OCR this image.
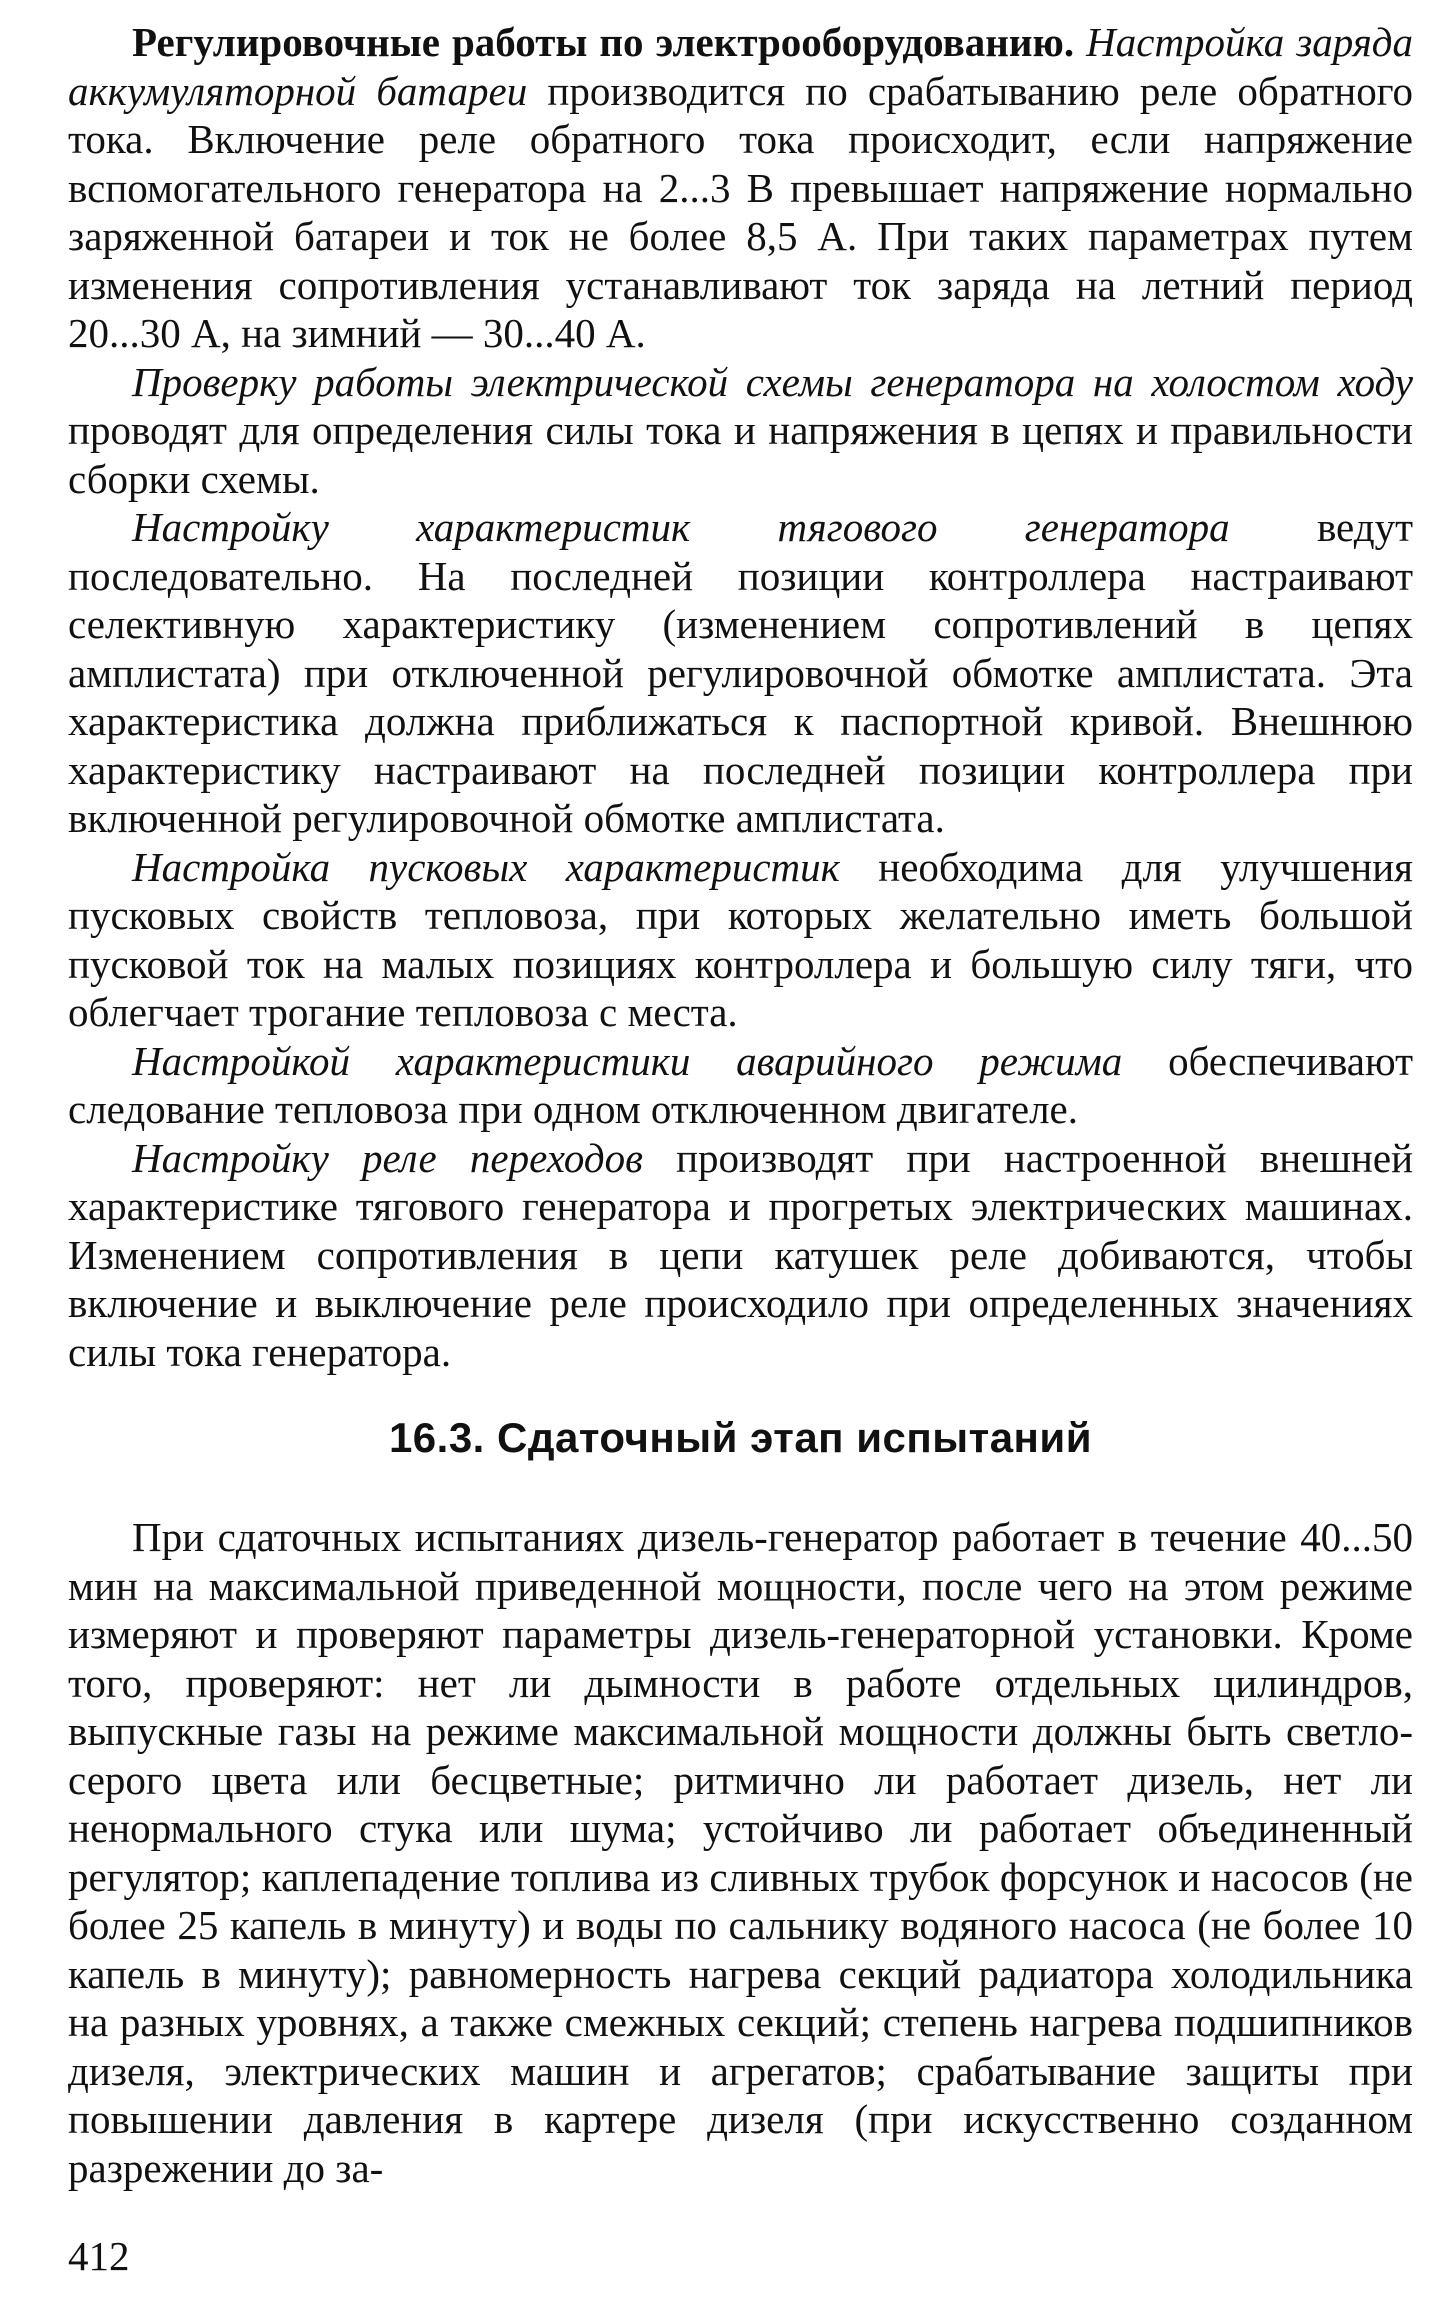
Регулировочные работы по электрооборудованию. Настройка заряда аккумуляторной батареи производится по срабатыванию реле обратного тока. Включение реле обратного тока происходит, если напряжение вспомогательного генератора на 2...3 В превышает напряжение нормально заряженной батареи и ток не более 8,5 А. При таких параметрах путем изменения сопротивления устанавливают ток заряда на летний период 20...30 А, на зимний — 30...40 А.

Проверку работы электрической схемы генератора на холостом ходу проводят для определения силы тока и напряжения в цепях и правильности сборки схемы.

Настройку характеристик тягового генератора ведут последовательно. На последней позиции контроллера настраивают селективную характеристику (изменением сопротивлений в цепях амплистата) при отключенной регулировочной обмотке амплистата. Эта характеристика должна приближаться к паспортной кривой. Внешнюю характеристику настраивают на последней позиции контроллера при включенной регулировочной обмотке амплистата.

Настройка пусковых характеристик необходима для улучшения пусковых свойств тепловоза, при которых желательно иметь большой пусковой ток на малых позициях контроллера и большую силу тяги, что облегчает трогание тепловоза с места.

Настройкой характеристики аварийного режима обеспечивают следование тепловоза при одном отключенном двигателе.

Настройку реле переходов производят при настроенной внешней характеристике тягового генератора и прогретых электрических машинах. Изменением сопротивления в цепи катушек реле добиваются, чтобы включение и выключение реле происходило при определенных значениях силы тока генератора.

16.3. Сдаточный этап испытаний

При сдаточных испытаниях дизель-генератор работает в течение 40...50 мин на максимальной приведенной мощности, после чего на этом режиме измеряют и проверяют параметры дизель-генераторной установки. Кроме того, проверяют: нет ли дымности в работе отдельных цилиндров, выпускные газы на режиме максимальной мощности должны быть светло-серого цвета или бесцветные; ритмично ли работает дизель, нет ли ненормального стука или шума; устойчиво ли работает объединенный регулятор; каплепадение топлива из сливных трубок форсунок и насосов (не более 25 капель в минуту) и воды по сальнику водяного насоса (не более 10 капель в минуту); равномерность нагрева секций радиатора холодильника на разных уровнях, а также смежных секций; степень нагрева подшипников дизеля, электрических машин и агрегатов; срабатывание защиты при повышении давления в картере дизеля (при искусственно созданном разрежении до за-

412
